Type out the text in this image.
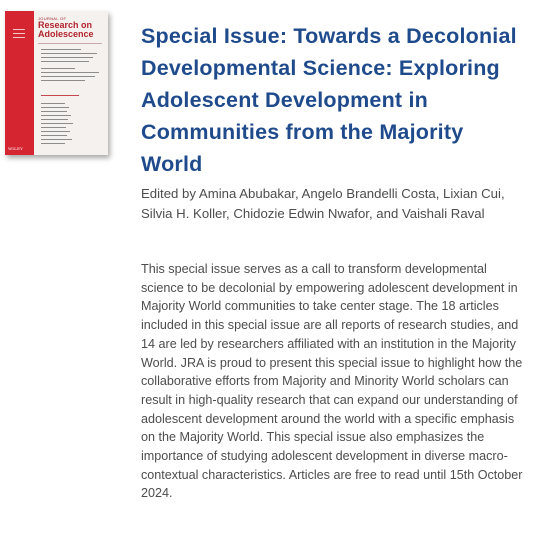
WILEY
JOURNAL OF
Research on Adolescence	Special Issue: Towards a Decolonial Developmental Science: Exploring Adolescent Development in Communities from the Majority World

Edited by Amina Abubakar, Angelo Brandelli Costa, Lixian Cui, Silvia H. Koller, Chidozie Edwin Nwafor, and Vaishali Raval

This special issue serves as a call to transform developmental science to be decolonial by empowering adolescent development in Majority World communities to take center stage. The 18 articles included in this special issue are all reports of research studies, and 14 are led by researchers affiliated with an institution in the Majority World. JRA is proud to present this special issue to highlight how the collaborative efforts from Majority and Minority World scholars can result in high-quality research that can expand our understanding of adolescent development around the world with a specific emphasis on the Majority World. This special issue also emphasizes the importance of studying adolescent development in diverse macro-contextual characteristics. Articles are free to read until 15th October 2024.
